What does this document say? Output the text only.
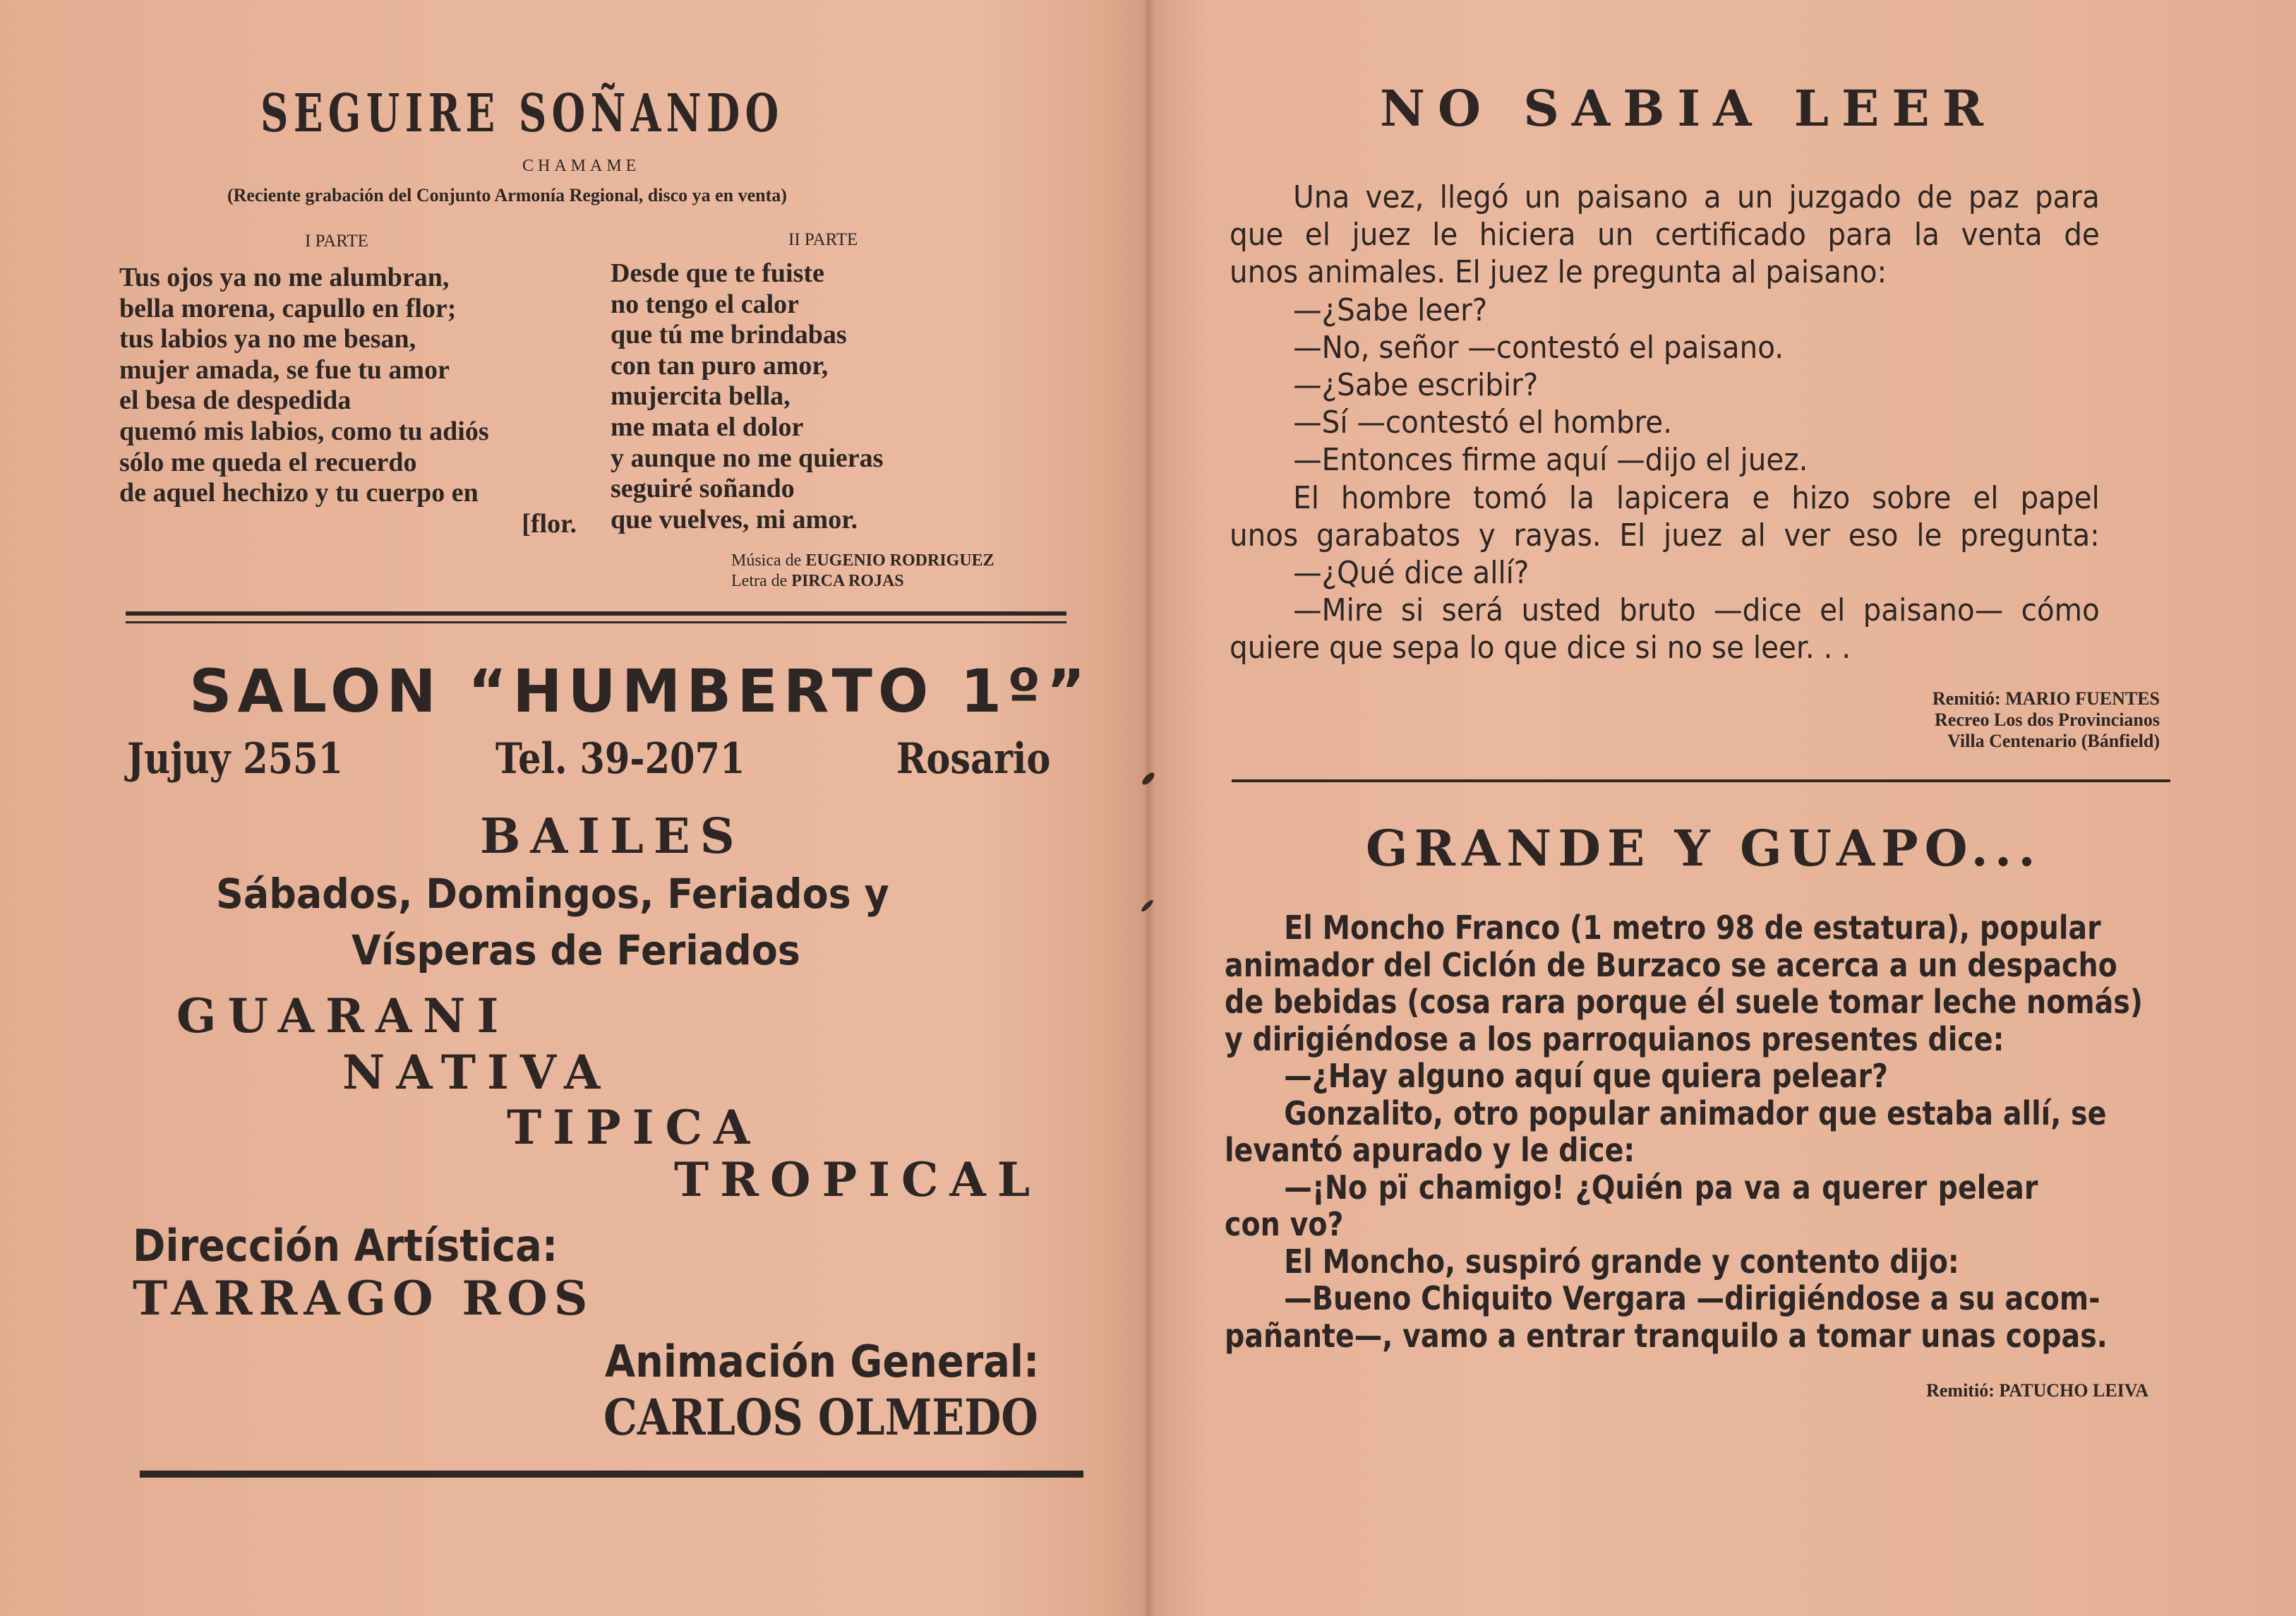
SEGUIRE SOÑANDO
CHAMAME
(Reciente grabación del Conjunto Armonía Regional, disco ya en venta)
I PARTE	II PARTE
Tus ojos ya no me alumbran,
bella morena, capullo en flor;
tus labios ya no me besan,
mujer amada, se fue tu amor
el besa de despedida
quemó mis labios, como tu adiós
sólo me queda el recuerdo
de aquel hechizo y tu cuerpo en
[flor.
Desde que te fuiste
no tengo el calor
que tú me brindabas
con tan puro amor,
mujercita bella,
me mata el dolor
y aunque no me quieras
seguiré soñando
que vuelves, mi amor.
Música de EUGENIO RODRIGUEZ
Letra de PIRCA ROJAS
SALON “HUMBERTO 1º”
Jujuy 2551	Tel. 39-2071	Rosario
BAILES
Sábados, Domingos, Feriados y
Vísperas de Feriados
GUARANI
NATIVA
TIPICA
TROPICAL
Dirección Artística:
TARRAGO ROS
Animación General:
CARLOS OLMEDO
NO SABIA LEER
Una vez, llegó un paisano a un juzgado de paz para
que el juez le hiciera un certificado para la venta de
unos animales. El juez le pregunta al paisano:
—¿Sabe leer?
—No, señor —contestó el paisano.
—¿Sabe escribir?
—Sí —contestó el hombre.
—Entonces firme aquí —dijo el juez.
El hombre tomó la lapicera e hizo sobre el papel
unos garabatos y rayas. El juez al ver eso le pregunta:
—¿Qué dice allí?
—Mire si será usted bruto —dice el paisano— cómo
quiere que sepa lo que dice si no se leer. . .
Remitió: MARIO FUENTES
Recreo Los dos Provincianos
Villa Centenario (Bánfield)
GRANDE Y GUAPO...
El Moncho Franco (1 metro 98 de estatura), popular
animador del Ciclón de Burzaco se acerca a un despacho
de bebidas (cosa rara porque él suele tomar leche nomás)
y dirigiéndose a los parroquianos presentes dice:
—¿Hay alguno aquí que quiera pelear?
Gonzalito, otro popular animador que estaba allí, se
levantó apurado y le dice:
—¡No pï chamigo! ¿Quién pa va a querer pelear
con vo?
El Moncho, suspiró grande y contento dijo:
—Bueno Chiquito Vergara —dirigiéndose a su acom-
pañante—, vamo a entrar tranquilo a tomar unas copas.
Remitió: PATUCHO LEIVA
